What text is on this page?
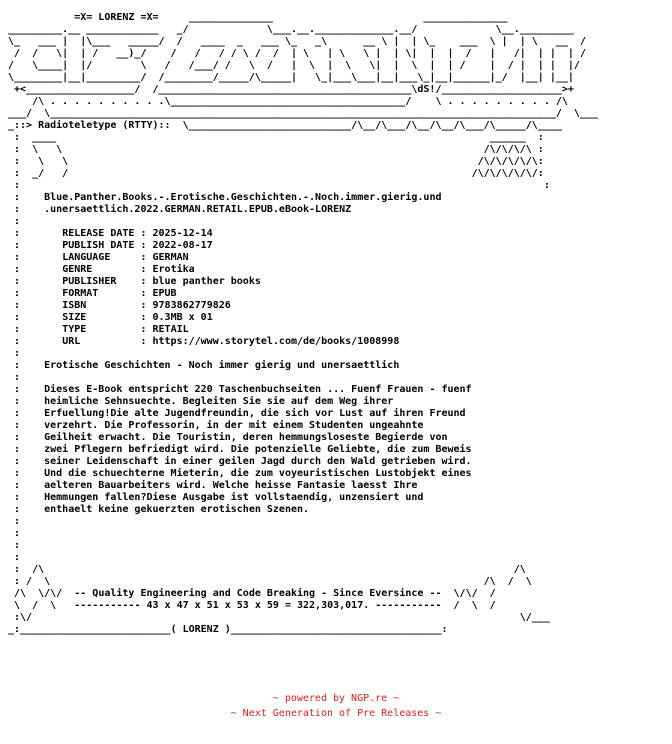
=X= LORENZ =X=     ______________                         ______________
_________.__ ____________   _/             \___.__._____________.__/             \__._________
\_   ___ |  |\___   _____/  /   ____  _   ___ \_   _\      __ \ |  | \_    ___  \ |  | \   __  /
/  /   \|  | /   __)_/    /   /   / / \ /  /  | \   | \   \ |  | \|  |  |  /   |   /|  | |  | /
/   \____|  |/        \   /   /___/ /   \  /   |  \  |  \   \|  |  \  |  | /    |  / |  | |  |/
\________|__|_________/  /________/_____/\_____|   \_|___\___|__|___\_|__|______|_/  |__| |__|
+<__________________/  /__________________________________________\dS!/____________________>+
/\ . . . . . . . . . .\_______________________________________/    \ . . . . . . . . . /\
___/  \____________________________________________________________________________________/  \___
_::> Radioteletype (RTTY)::  \___________________________/\__/\___/\__/\__/\___/\_____/\____
:  ____                                                                        ______  :
:  \   \                                                                      /\/\/\/\ :
:   \   \                                                                    /\/\/\/\/\:
:  _/   /                                                                   /\/\/\/\/\/:
:                                                                                       :
:    Blue.Panther.Books.-.Erotische.Geschichten.-.Noch.immer.gierig.und
:    .unersaettlich.2022.GERMAN.RETAIL.EPUB.eBook-LORENZ
:
:	RELEASE DATE : 2025-12-14
:	PUBLISH DATE : 2022-08-17
:	LANGUAGE     : GERMAN
:	GENRE        : Erotika
:	PUBLISHER    : blue panther books
:	FORMAT       : EPUB
:	ISBN         : 9783862779826
:	SIZE         : 0.3MB x 01
:	TYPE         : RETAIL
:	URL          : https://www.storytel.com/de/books/1008998
:
:    Erotische Geschichten - Noch immer gierig und unersaettlich
:
:    Dieses E-Book entspricht 220 Taschenbuchseiten ... Fuenf Frauen - fuenf
:    heimliche Sehnsuechte. Begleiten Sie sie auf dem Weg ihrer
:    Erfuellung!Die alte Jugendfreundin, die sich vor Lust auf ihren Freund
:    verzehrt. Die Professorin, in der mit einem Studenten ungeahnte
:    Geilheit erwacht. Die Touristin, deren hemmungsloseste Begierde von
:    zwei Pflegern befriedigt wird. Die potenzielle Geliebte, die zum Beweis
:    seiner Leidenschaft in einer geilen Jagd durch den Wald getrieben wird.
:    Und die schuechterne Mieterin, die zum voyeuristischen Lustobjekt eines
:    aelteren Bauarbeiters wird. Welche heisse Fantasie laesst Ihre
:    Hemmungen fallen?Diese Ausgabe ist vollstaendig, unzensiert und
:    enthaelt keine gekuerzten erotischen Szenen.
:
:
:
:
:  /\                                                                              /\
: /  \                                                                        /\  /  \
/\  \/\/  -- Quality Engineering and Code Breaking - Since Eversince --  \/\/  /
\  /  \   ----------- 43 x 47 x 51 x 53 x 59 = 322,303,017. -----------  /  \  /
:\/                                                                                 \/___
_:_________________________( LORENZ )___________________________________:
~ powered by NGP.re ~
~ Next Generation of Pre Releases ~
